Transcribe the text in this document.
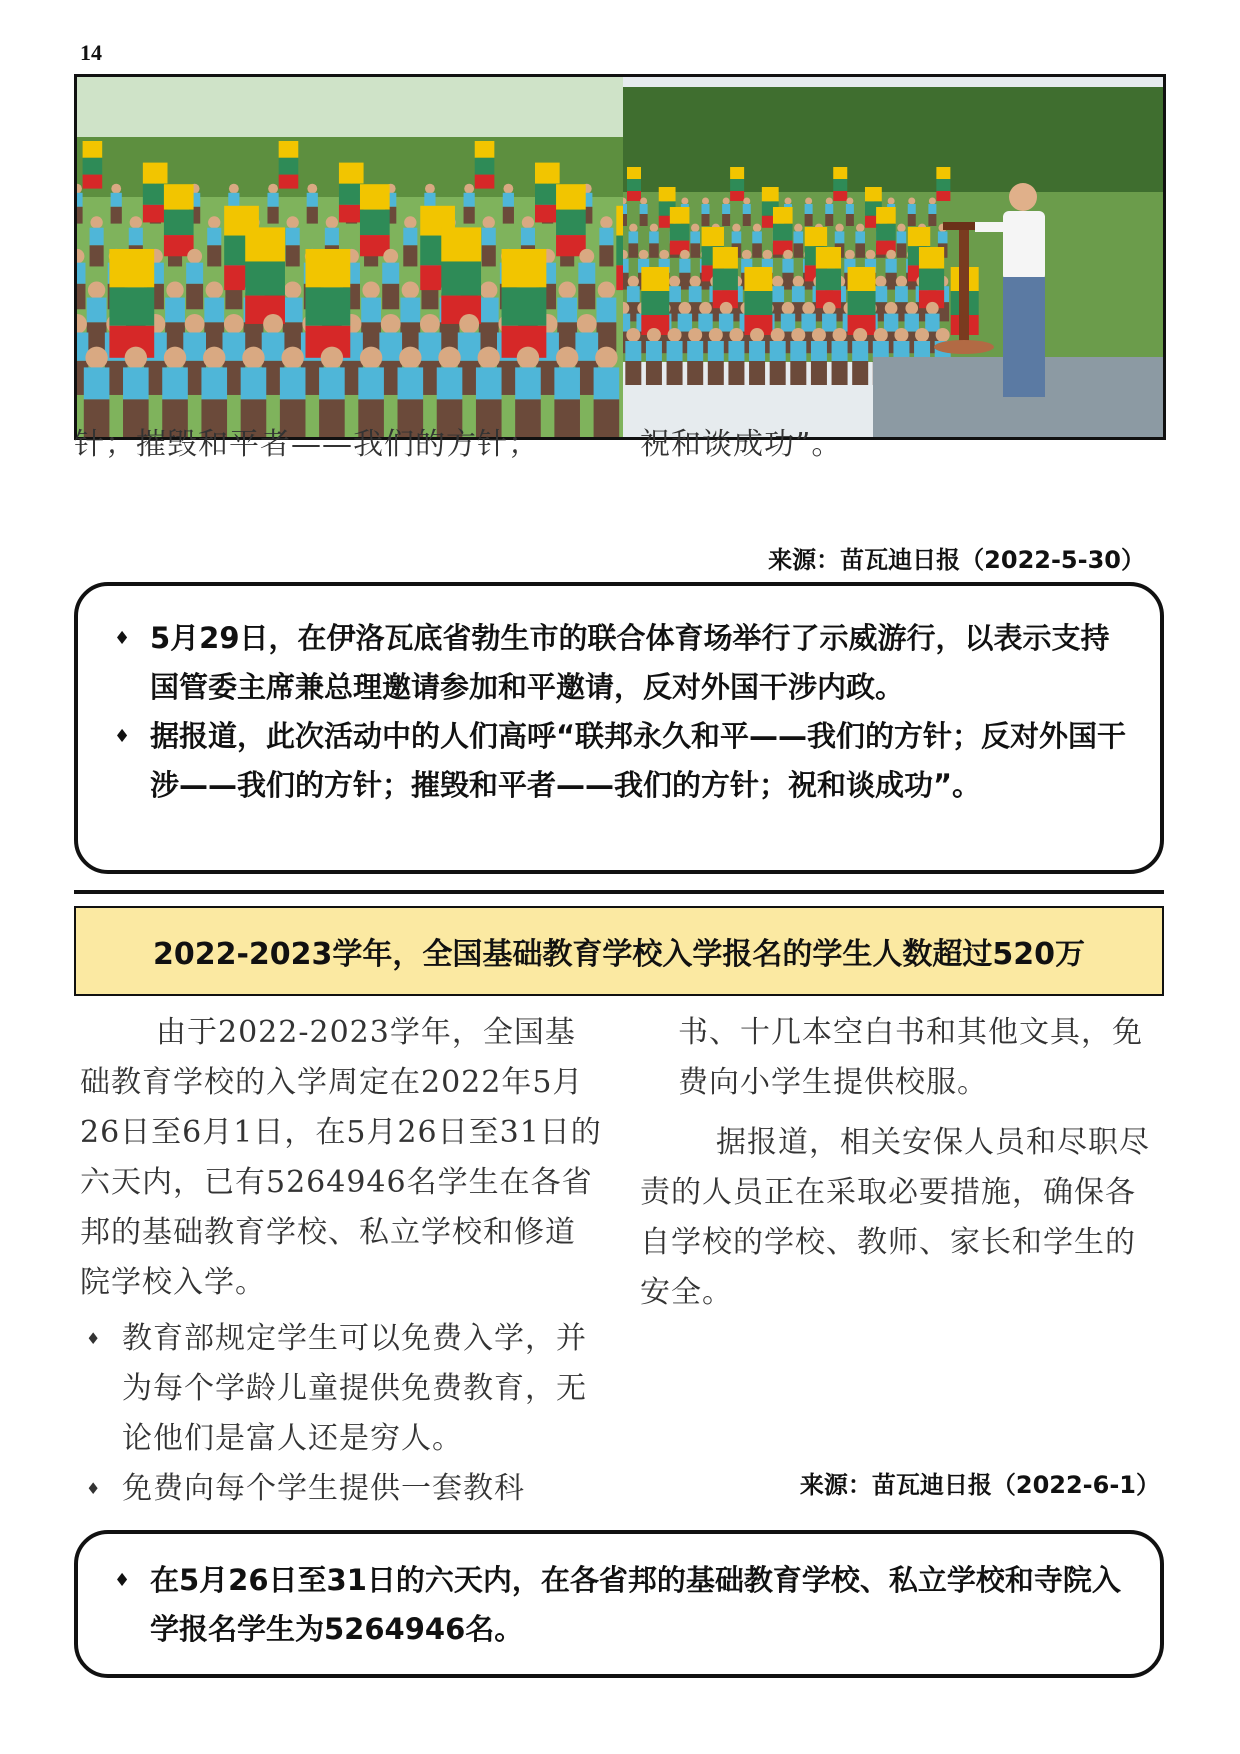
14
针；摧毁和平者——我们的方针；	祝和谈成功”。
来源：苗瓦迪日报（2022-5-30）
♦ 5月29日，在伊洛瓦底省勃生市的联合体育场举行了示威游行，以表示支持国管委主席兼总理邀请参加和平邀请，反对外国干涉内政。
♦ 据报道，此次活动中的人们高呼“联邦永久和平——我们的方针；反对外国干涉——我们的方针；摧毁和平者——我们的方针；祝和谈成功”。
2022-2023学年，全国基础教育学校入学报名的学生人数超过520万

由于2022-2023学年，全国基础教育学校的入学周定在2022年5月26日至6月1日，在5月26日至31日的六天内，已有5264946名学生在各省邦的基础教育学校、私立学校和修道院学校入学。

♦ 教育部规定学生可以免费入学，并为每个学龄儿童提供免费教育，无论他们是富人还是穷人。
♦ 免费向每个学生提供一套教科

书、十几本空白书和其他文具，免费向小学生提供校服。

据报道，相关安保人员和尽职尽责的人员正在采取必要措施，确保各自学校的学校、教师、家长和学生的安全。

来源：苗瓦迪日报（2022-6-1）
♦ 在5月26日至31日的六天内，在各省邦的基础教育学校、私立学校和寺院入学报名学生为5264946名。
